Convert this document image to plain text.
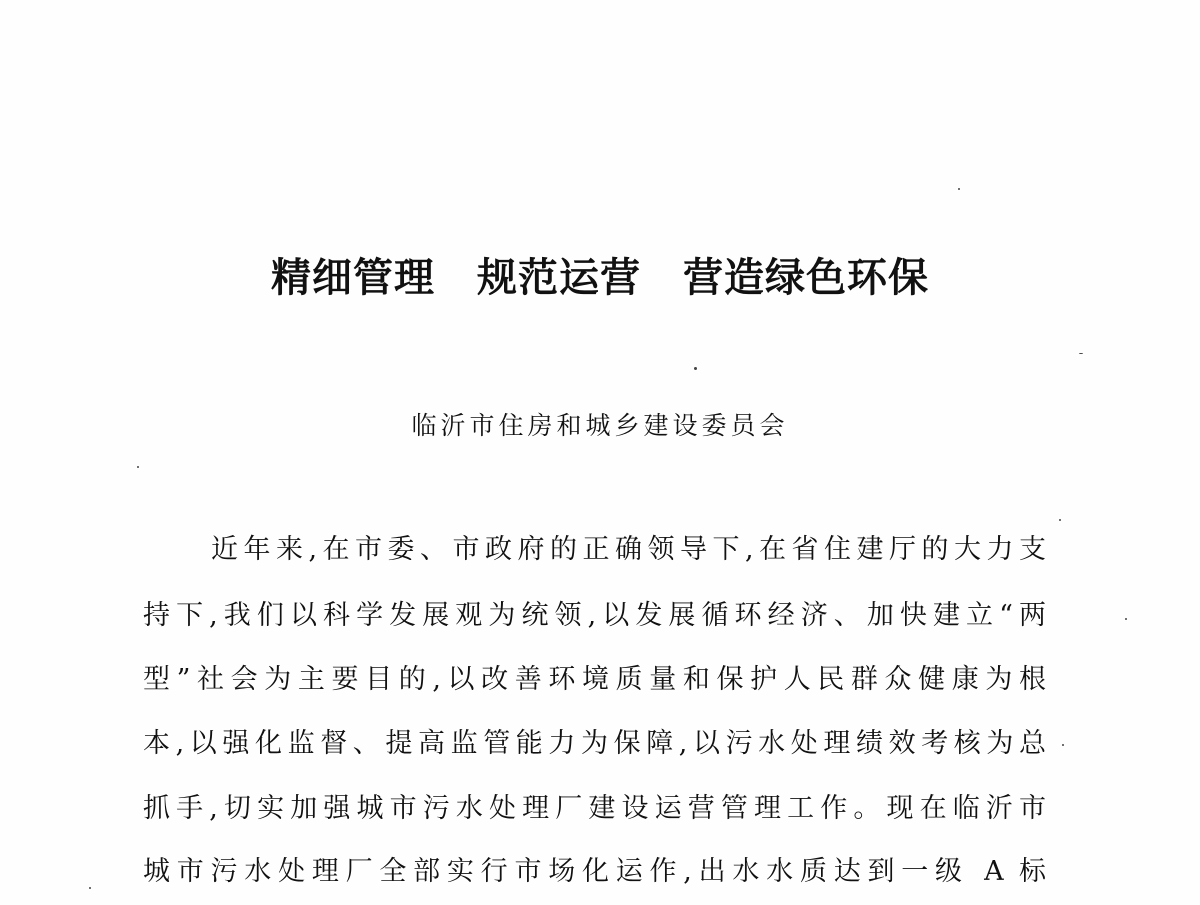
精细管理 规范运营 营造绿色环保
临沂市住房和城乡建设委员会
近年来,在市委、市政府的正确领导下,在省住建厅的大力支
持下,我们以科学发展观为统领,以发展循环经济、加快建立“两
型”社会为主要目的,以改善环境质量和保护人民群众健康为根
本,以强化监督、提高监管能力为保障,以污水处理绩效考核为总
抓手,切实加强城市污水处理厂建设运营管理工作。现在临沂市
城市污水处理厂全部实行市场化运作,出水水质达到一级 A 标
